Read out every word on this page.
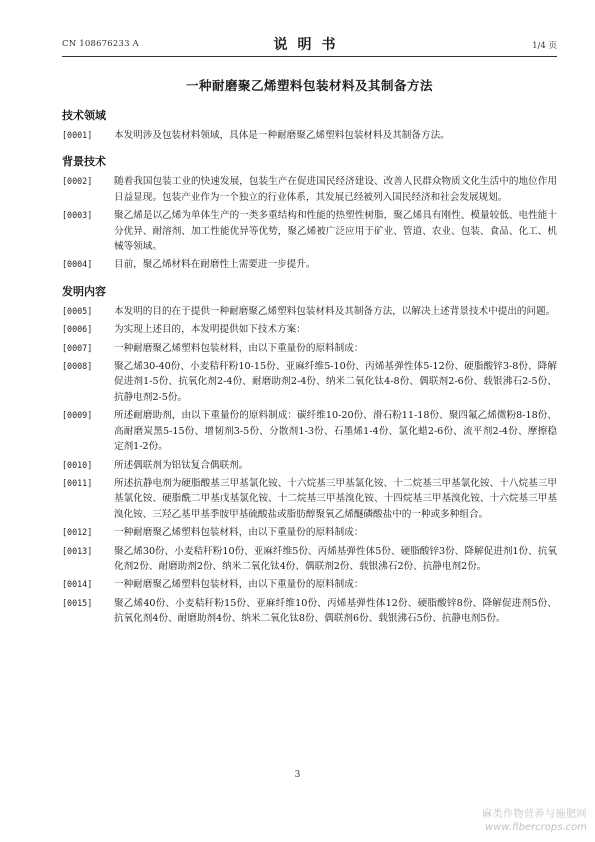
CN 108676233 A	说明书	1/4 页
一种耐磨聚乙烯塑料包装材料及其制备方法
技术领域
[0001]	本发明涉及包装材料领域，具体是一种耐磨聚乙烯塑料包装材料及其制备方法。
背景技术
[0002]	随着我国包装工业的快速发展，包装生产在促进国民经济建设、改善人民群众物质文化生活中的地位作用日益显现。包装产业作为一个独立的行业体系，其发展已经被列入国民经济和社会发展规划。
[0003]	聚乙烯是以乙烯为单体生产的一类多重结构和性能的热塑性树脂，聚乙烯具有刚性、模量较低、电性能十分优异、耐溶剂、加工性能优异等优势，聚乙烯被广泛应用于矿业、管道、农业、包装、食品、化工、机械等领域。
[0004]	目前，聚乙烯材料在耐磨性上需要进一步提升。
发明内容
[0005]	本发明的目的在于提供一种耐磨聚乙烯塑料包装材料及其制备方法，以解决上述背景技术中提出的问题。
[0006]	为实现上述目的，本发明提供如下技术方案：
[0007]	一种耐磨聚乙烯塑料包装材料，由以下重量份的原料制成：
[0008]	聚乙烯30-40份、小麦秸秆粉10-15份、亚麻纤维5-10份、丙烯基弹性体5-12份、硬脂酸锌3-8份、降解促进剂1-5份、抗氧化剂2-4份、耐磨助剂2-4份、纳米二氧化钛4-8份、偶联剂2-6份、载银沸石2-5份、抗静电剂2-5份。
[0009]	所述耐磨助剂，由以下重量份的原料制成：碳纤维10-20份、滑石粉11-18份、聚四氟乙烯微粉8-18份、高耐磨炭黑5-15份、增韧剂3-5份、分散剂1-3份、石墨烯1-4份、氯化蜡2-6份、流平剂2-4份、摩擦稳定剂1-2份。
[0010]	所述偶联剂为铝钛复合偶联剂。
[0011]	所述抗静电剂为硬脂酸基三甲基氯化铵、十六烷基三甲基氯化铵、十二烷基三甲基氯化铵、十八烷基三甲基氯化铵、硬脂酰二甲基戊基氯化铵、十二烷基三甲基溴化铵、十四烷基三甲基溴化铵、十六烷基三甲基溴化铵、三羟乙基甲基季胺甲基硫酸盐或脂肪醇聚氧乙烯醚磷酸盐中的一种或多种组合。
[0012]	一种耐磨聚乙烯塑料包装材料，由以下重量份的原料制成：
[0013]	聚乙烯30份、小麦秸秆粉10份、亚麻纤维5份、丙烯基弹性体5份、硬脂酸锌3份、降解促进剂1份、抗氧化剂2份、耐磨助剂2份、纳米二氧化钛4份、偶联剂2份、载银沸石2份、抗静电剂2份。
[0014]	一种耐磨聚乙烯塑料包装材料，由以下重量份的原料制成：
[0015]	聚乙烯40份、小麦秸秆粉15份、亚麻纤维10份、丙烯基弹性体12份、硬脂酸锌8份、降解促进剂5份、抗氧化剂4份、耐磨助剂4份、纳米二氧化钛8份、偶联剂6份、载银沸石5份、抗静电剂5份。
3
麻类作物营养与施肥网
www.fibercrops.com
